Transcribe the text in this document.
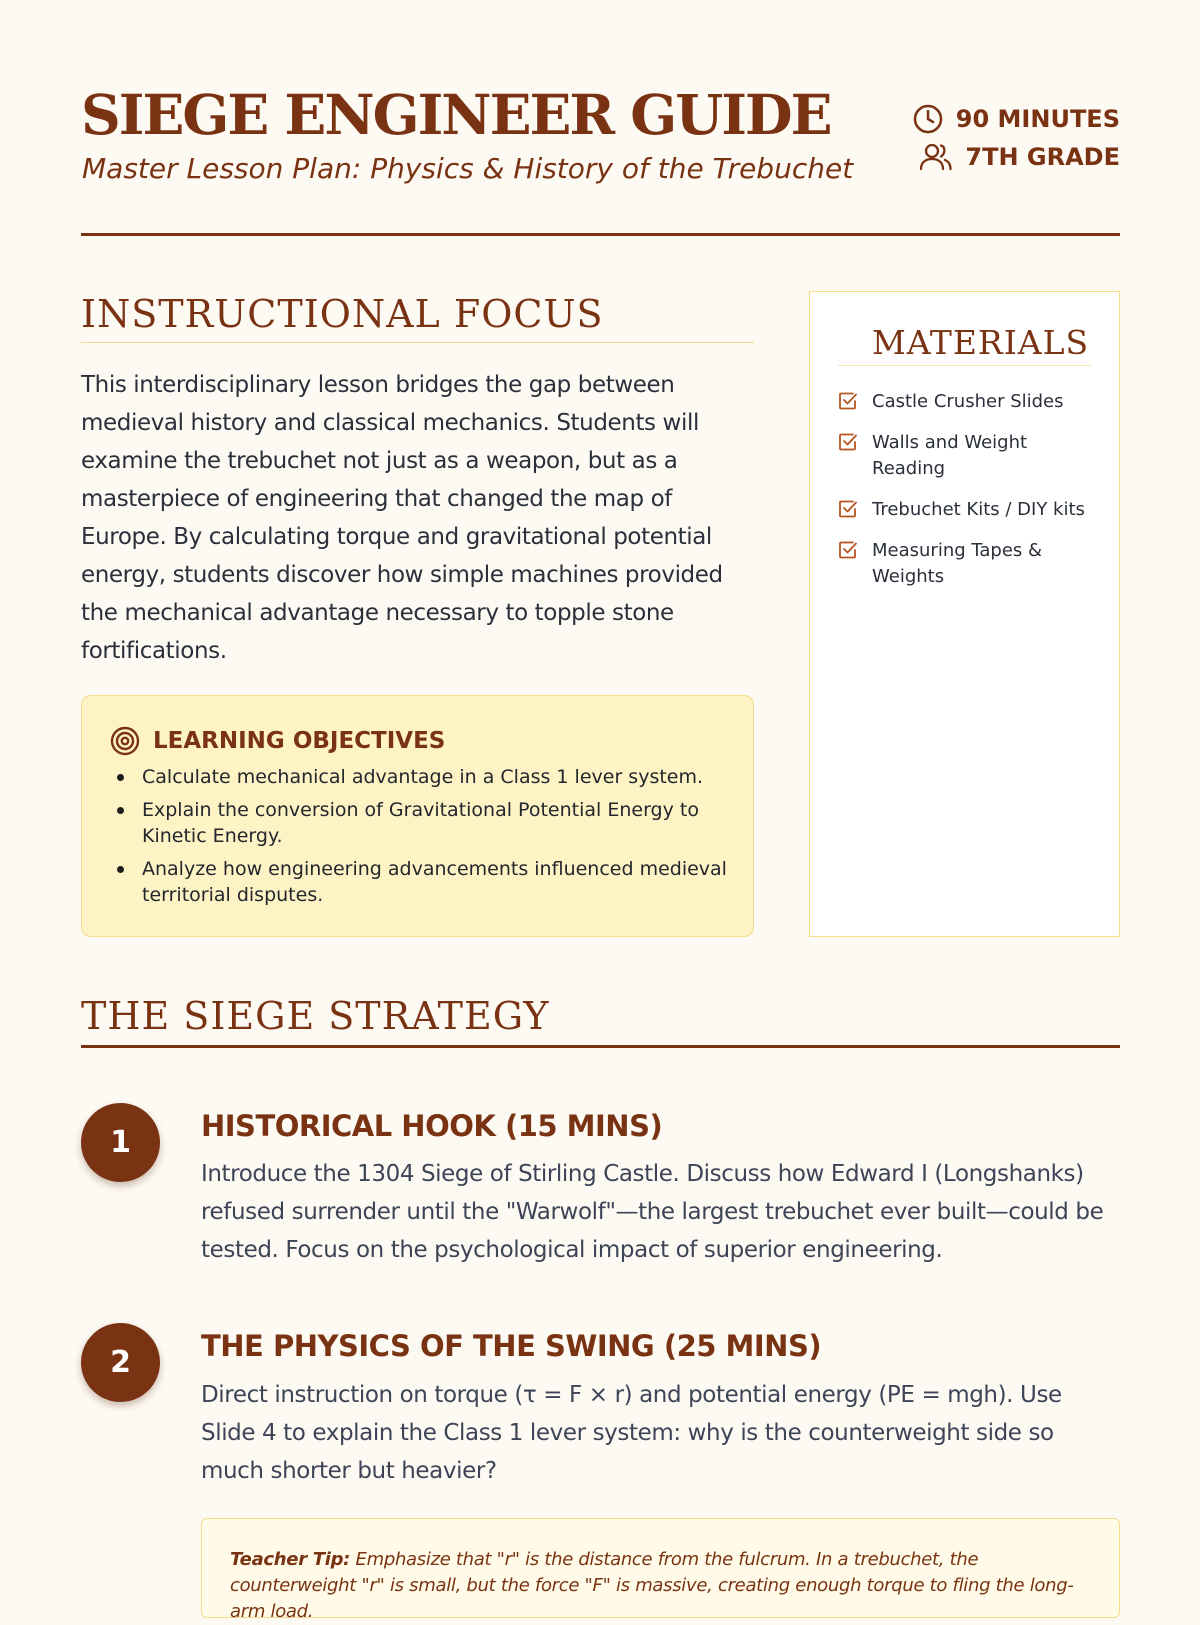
SIEGE ENGINEER GUIDE

Master Lesson Plan: Physics & History of the Trebuchet

90 MINUTES
7TH GRADE
INSTRUCTIONAL FOCUS

This interdisciplinary lesson bridges the gap between medieval history and classical mechanics. Students will examine the trebuchet not just as a weapon, but as a masterpiece of engineering that changed the map of Europe. By calculating torque and gravitational potential energy, students discover how simple machines provided the mechanical advantage necessary to topple stone fortifications.

LEARNING OBJECTIVES
Calculate mechanical advantage in a Class 1 lever system.
Explain the conversion of Gravitational Potential Energy to Kinetic Energy.
Analyze how engineering advancements influenced medieval territorial disputes.
MATERIALS
Castle Crusher Slides
Walls and Weight Reading
Trebuchet Kits / DIY kits
Measuring Tapes & Weights
THE SIEGE STRATEGY
1	HISTORICAL HOOK (15 MINS)

Introduce the 1304 Siege of Stirling Castle. Discuss how Edward I (Longshanks) refused surrender until the "Warwolf"—the largest trebuchet ever built—could be tested. Focus on the psychological impact of superior engineering.

2	THE PHYSICS OF THE SWING (25 MINS)

Direct instruction on torque (τ = F × r) and potential energy (PE = mgh). Use Slide 4 to explain the Class 1 lever system: why is the counterweight side so much shorter but heavier?

Teacher Tip: Emphasize that "r" is the distance from the fulcrum. In a trebuchet, the counterweight "r" is small, but the force "F" is massive, creating enough torque to fling the long-arm load.
